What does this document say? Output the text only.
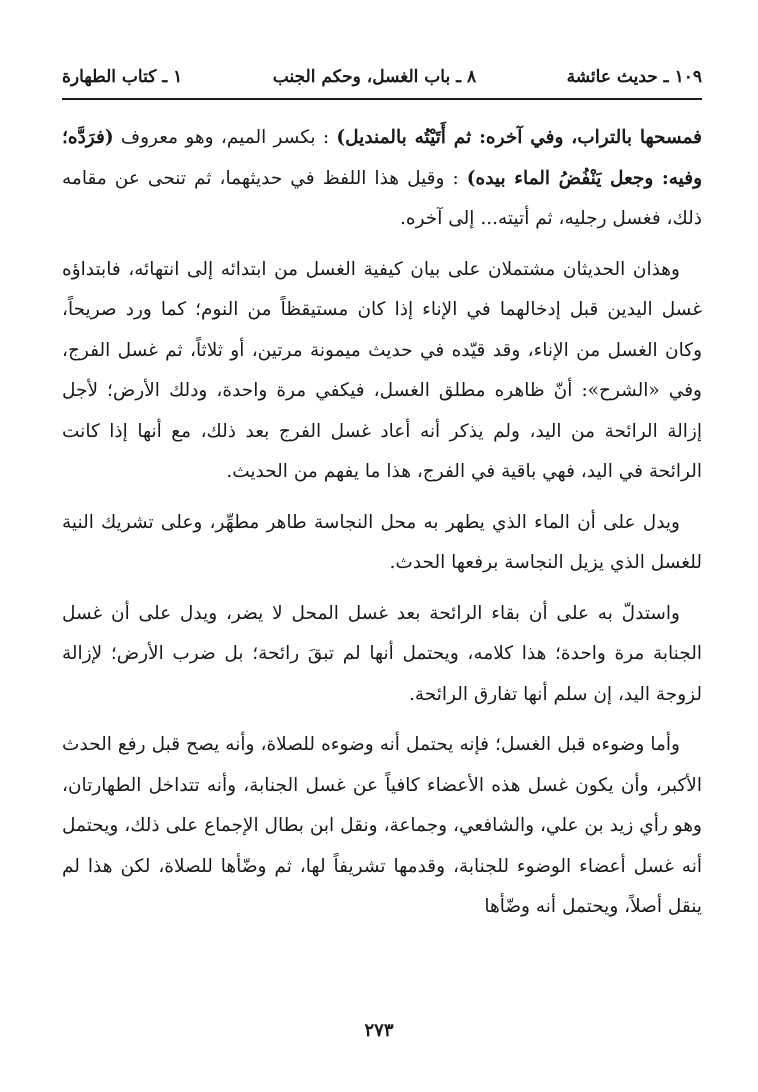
١ ـ كتاب الطهارة	٨ ـ باب الغسل، وحكم الجنب	١٠٩ ـ حديث عائشة

فمسحها بالتراب، وفي آخره: ثم أَتَيْتُه بالمنديل) : بكسر الميم، وهو معروف (فرَدَّه؛ وفيه: وجعل يَنْفُضُ الماء بيده) : وقيل هذا اللفظ في حديثهما، ثم تنحى عن مقامه ذلك، فغسل رجليه، ثم أتيته... إلى آخره.

وهذان الحديثان مشتملان على بيان كيفية الغسل من ابتدائه إلى انتهائه، فابتداؤه غسل اليدين قبل إدخالهما في الإناء إذا كان مستيقظاً من النوم؛ كما ورد صريحاً، وكان الغسل من الإناء، وقد قيّده في حديث ميمونة مرتين، أو ثلاثاً، ثم غسل الفرج، وفي «الشرح»: أنّ ظاهره مطلق الغسل، فيكفي مرة واحدة، ودلك الأرض؛ لأجل إزالة الرائحة من اليد، ولم يذكر أنه أعاد غسل الفرج بعد ذلك، مع أنها إذا كانت الرائحة في اليد، فهي باقية في الفرج، هذا ما يفهم من الحديث.

ويدل على أن الماء الذي يطهر به محل النجاسة طاهر مطهِّر، وعلى تشريك النية للغسل الذي يزيل النجاسة برفعها الحدث.

واستدلّ به على أن بقاء الرائحة بعد غسل المحل لا يضر، ويدل على أن غسل الجنابة مرة واحدة؛ هذا كلامه، ويحتمل أنها لم تبقَ رائحة؛ بل ضرب الأرض؛ لإزالة لزوجة اليد، إن سلم أنها تفارق الرائحة.

وأما وضوءه قبل الغسل؛ فإنه يحتمل أنه وضوءه للصلاة، وأنه يصح قبل رفع الحدث الأكبر، وأن يكون غسل هذه الأعضاء كافياً عن غسل الجنابة، وأنه تتداخل الطهارتان، وهو رأي زيد بن علي، والشافعي، وجماعة، ونقل ابن بطال الإجماع على ذلك، ويحتمل أنه غسل أعضاء الوضوء للجنابة، وقدمها تشريفاً لها، ثم وضّأها للصلاة، لكن هذا لم ينقل أصلاً، ويحتمل أنه وضّأها

٢٧٣
